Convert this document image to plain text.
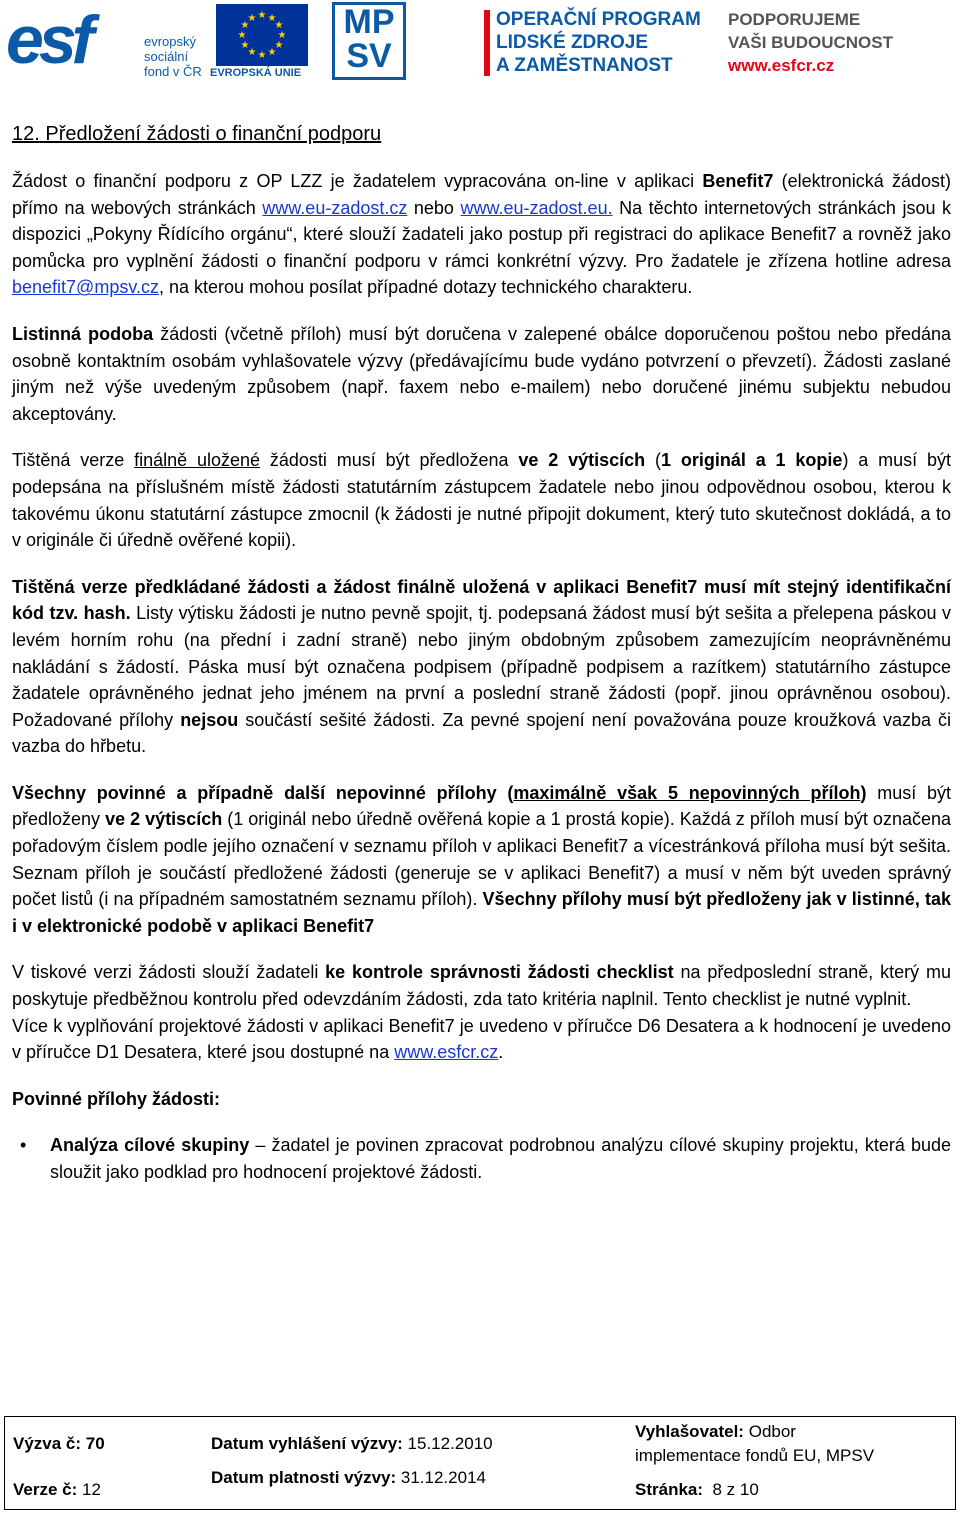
esf	evropský
sociální
fond v ČR
★ ★
★
★
★
★
★
★
★
★
★
★
EVROPSKÁ UNIE
MP
SV
OPERAČNÍ PROGRAM
LIDSKÉ ZDROJE
A ZAMĚSTNANOST
PODPORUJEME
VAŠI BUDOUCNOST
www.esfcr.cz
12. Předložení žádosti o finanční podporu

Žádost o finanční podporu z OP LZZ je žadatelem vypracována on-line v aplikaci Benefit7 (elektronická žádost) přímo na webových stránkách www.eu-zadost.cz nebo www.eu-zadost.eu. Na těchto internetových stránkách jsou k dispozici „Pokyny Řídícího orgánu“, které slouží žadateli jako postup při registraci do aplikace Benefit7 a rovněž jako pomůcka pro vyplnění žádosti o finanční podporu v rámci konkrétní výzvy. Pro žadatele je zřízena hotline adresa benefit7@mpsv.cz, na kterou mohou posílat případné dotazy technického charakteru.

Listinná podoba žádosti (včetně příloh) musí být doručena v zalepené obálce doporučenou poštou nebo předána osobně kontaktním osobám vyhlašovatele výzvy (předávajícímu bude vydáno potvrzení o převzetí). Žádosti zaslané jiným než výše uvedeným způsobem (např. faxem nebo e-mailem) nebo doručené jinému subjektu nebudou akceptovány.

Tištěná verze finálně uložené žádosti musí být předložena ve 2 výtiscích (1 originál a 1 kopie) a musí být podepsána na příslušném místě žádosti statutárním zástupcem žadatele nebo jinou odpovědnou osobou, kterou k takovému úkonu statutární zástupce zmocnil (k žádosti je nutné připojit dokument, který tuto skutečnost dokládá, a to v originále či úředně ověřené kopii).

Tištěná verze předkládané žádosti a žádost finálně uložená v aplikaci Benefit7 musí mít stejný identifikační kód tzv. hash. Listy výtisku žádosti je nutno pevně spojit, tj. podepsaná žádost musí být sešita a přelepena páskou v levém horním rohu (na přední i zadní straně) nebo jiným obdobným způsobem zamezujícím neoprávněnému nakládání s žádostí. Páska musí být označena podpisem (případně podpisem a razítkem) statutárního zástupce žadatele oprávněného jednat jeho jménem na první a poslední straně žádosti (popř. jinou oprávněnou osobou). Požadované přílohy nejsou součástí sešité žádosti. Za pevné spojení není považována pouze kroužková vazba či vazba do hřbetu.

Všechny povinné a případně další nepovinné přílohy (maximálně však 5 nepovinných příloh) musí být předloženy ve 2 výtiscích (1 originál nebo úředně ověřená kopie a 1 prostá kopie). Každá z příloh musí být označena pořadovým číslem podle jejího označení v seznamu příloh v aplikaci Benefit7 a vícestránková příloha musí být sešita. Seznam příloh je součástí předložené žádosti (generuje se v aplikaci Benefit7) a musí v něm být uveden správný počet listů (i na případném samostatném seznamu příloh). Všechny přílohy musí být předloženy jak v listinné, tak i v elektronické podobě v aplikaci Benefit7

V tiskové verzi žádosti slouží žadateli ke kontrole správnosti žádosti checklist na předposlední straně, který mu poskytuje předběžnou kontrolu před odevzdáním žádosti, zda tato kritéria naplnil. Tento checklist je nutné vyplnit.

Více k vyplňování projektové žádosti v aplikaci Benefit7 je uvedeno v příručce D6 Desatera a k hodnocení je uvedeno v příručce D1 Desatera, které jsou dostupné na www.esfcr.cz.

Povinné přílohy žádosti:
• Analýza cílové skupiny – žadatel je povinen zpracovat podrobnou analýzu cílové skupiny projektu, která bude sloužit jako podklad pro hodnocení projektové žádosti.
Výzva č: 70
Verze č: 12
Datum vyhlášení výzvy: 15.12.2010
Datum platnosti výzvy: 31.12.2014
Vyhlašovatel: Odbor
implementace fondů EU, MPSV
Stránka: 8 z 10
